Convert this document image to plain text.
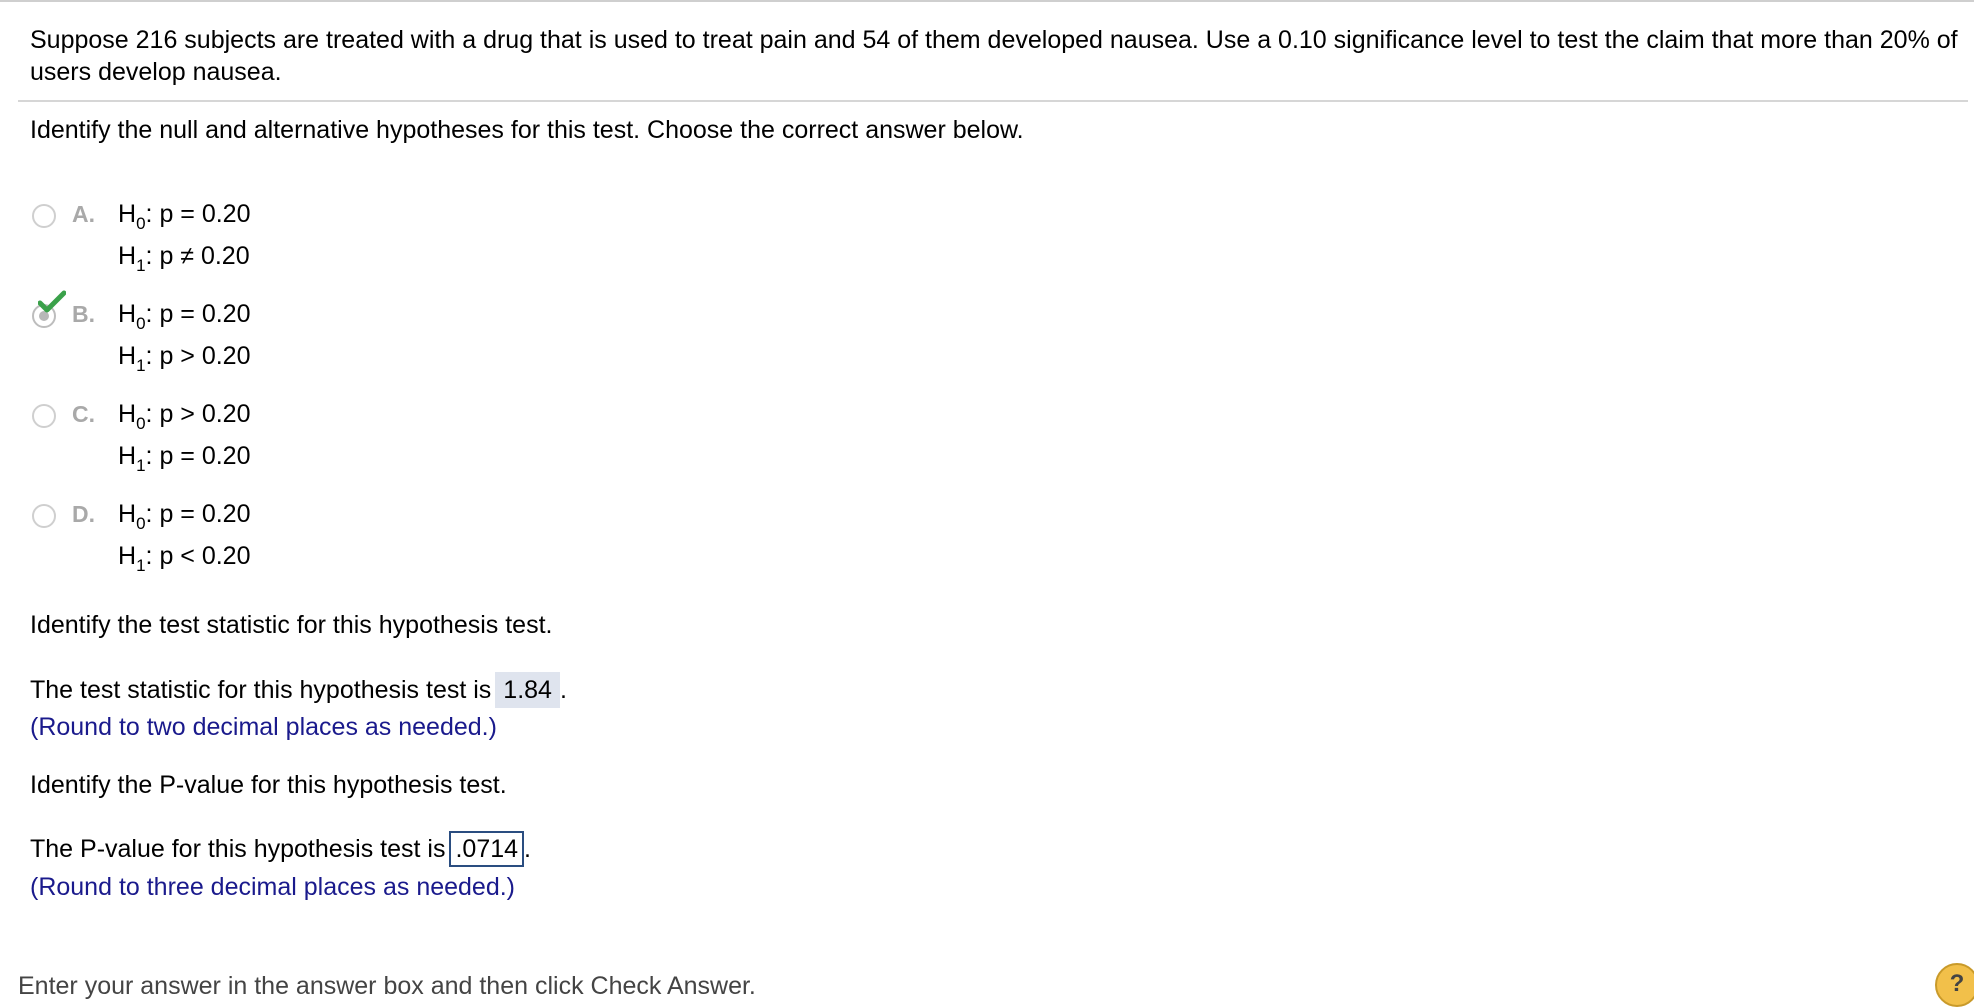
Suppose 216 subjects are treated with a drug that is used to treat pain and 54 of them developed nausea. Use a 0.10 significance level to test the claim that more than 20% of users develop nausea.
Identify the null and alternative hypotheses for this test. Choose the correct answer below.
A. $H_0$: p = 0.20
$H_1$: p ≠ 0.20
B. $H_0$: p = 0.20
$H_1$: p > 0.20
C. $H_0$: p > 0.20
$H_1$: p = 0.20
D. $H_0$: p = 0.20
$H_1$: p < 0.20
Identify the test statistic for this hypothesis test.
The test statistic for this hypothesis test is 1.84 .
(Round to two decimal places as needed.)
Identify the P-value for this hypothesis test.
The P-value for this hypothesis test is .0714 .
(Round to three decimal places as needed.)
Enter your answer in the answer box and then click Check Answer.	?
